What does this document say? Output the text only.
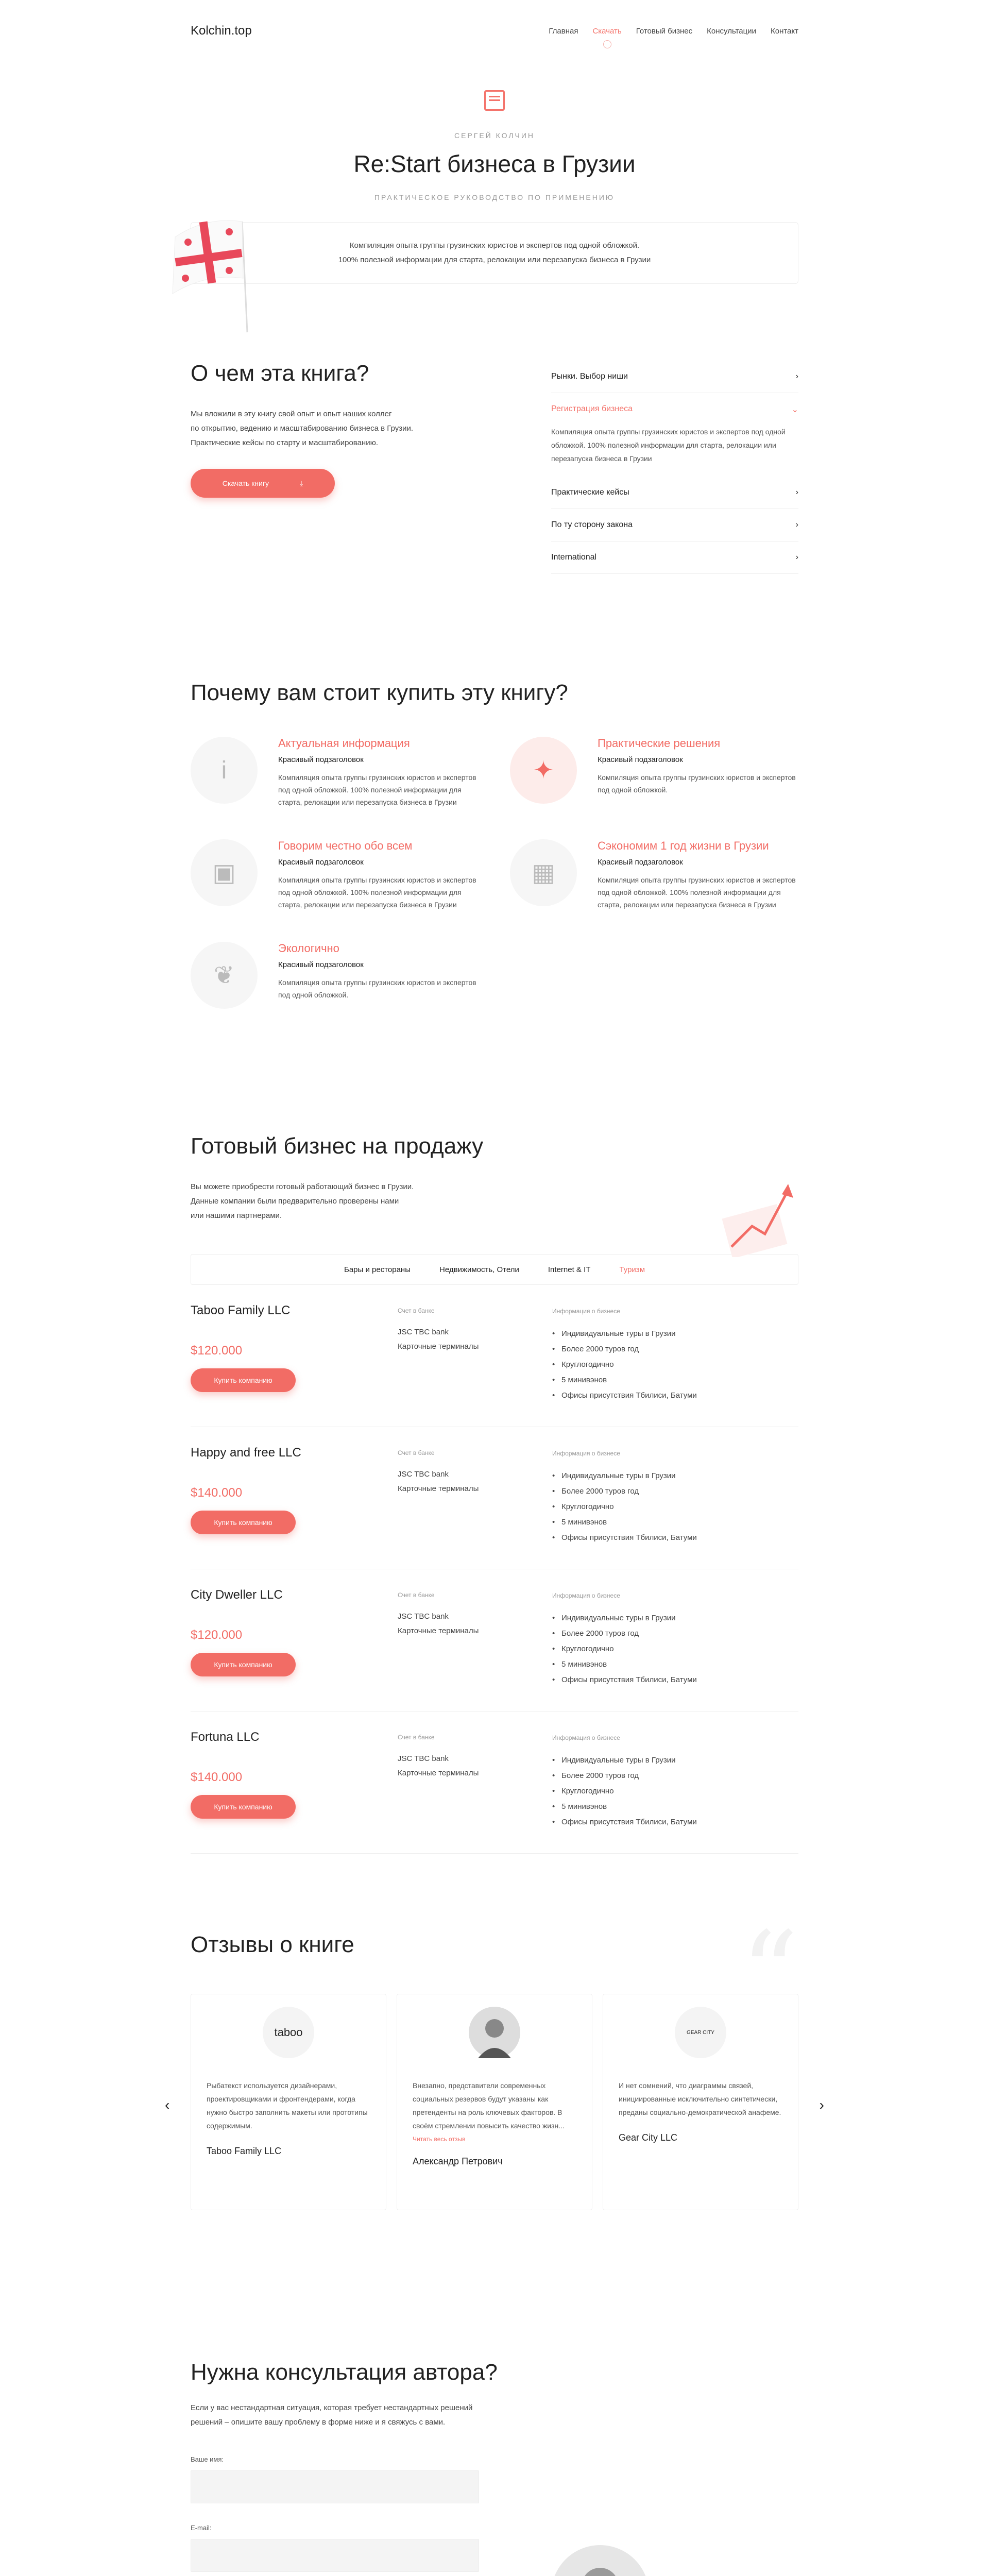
Kolchin.top	Главная Скачать Готовый бизнес Консультации Контакт
СЕРГЕЙ КОЛЧИН
Re:Start бизнеса в Грузии
ПРАКТИЧЕСКОЕ РУКОВОДСТВО ПО ПРИМЕНЕНИЮ
Компиляция опыта группы грузинских юристов и экспертов под одной обложкой.
100% полезной информации для старта, релокации или перезапуска бизнеса в Грузии
О чем эта книга?

Мы вложили в эту книгу свой опыт и опыт наших коллег
по открытию, ведению и масштабированию бизнеса в Грузии.
Практические кейсы по старту и масштабированию.

Скачать книгу	⤓
Рынки. Выбор ниши	›
Регистрация бизнеса	⌄
Компиляция опыта группы грузинских юристов и экспертов под одной обложкой. 100% полезной информации для старта, релокации или перезапуска бизнеса в Грузии
Практические кейсы	›
По ту сторону закона	›
International	›
Почему вам стоит купить эту книгу?
i
Актуальная информация
Красивый подзаголовок

Компиляция опыта группы грузинских юристов и экспертов под одной обложкой. 100% полезной информации для старта, релокации или перезапуска бизнеса в Грузии

✦
Практические решения
Красивый подзаголовок

Компиляция опыта группы грузинских юристов и экспертов под одной обложкой.

▣
Говорим честно обо всем
Красивый подзаголовок

Компиляция опыта группы грузинских юристов и экспертов под одной обложкой. 100% полезной информации для старта, релокации или перезапуска бизнеса в Грузии

▦
Сэкономим 1 год жизни в Грузии
Красивый подзаголовок

Компиляция опыта группы грузинских юристов и экспертов под одной обложкой. 100% полезной информации для старта, релокации или перезапуска бизнеса в Грузии

❦
Экологично
Красивый подзаголовок

Компиляция опыта группы грузинских юристов и экспертов под одной обложкой.

Готовый бизнес на продажу
Вы можете приобрести готовый работающий бизнес в Грузии.
Данные компании были предварительно проверены нами
или нашими партнерами.
Бары и рестораны	Недвижимость, Отели	Internet & IT	Туризм
Taboo Family LLC
$120.000
Купить компанию
Счет в банке
JSC TBC bank
Карточные терминалы
Информация о бизнесе
• Индивидуальные туры в Грузии
• Более 2000 туров год
• Круглогодично
• 5 минивэнов
• Офисы присутствия Тбилиси, Батуми
Happy and free LLC
$140.000
Купить компанию
Счет в банке
JSC TBC bank
Карточные терминалы
Информация о бизнесе
• Индивидуальные туры в Грузии
• Более 2000 туров год
• Круглогодично
• 5 минивэнов
• Офисы присутствия Тбилиси, Батуми
City Dweller LLC
$120.000
Купить компанию
Счет в банке
JSC TBC bank
Карточные терминалы
Информация о бизнесе
• Индивидуальные туры в Грузии
• Более 2000 туров год
• Круглогодично
• 5 минивэнов
• Офисы присутствия Тбилиси, Батуми
Fortuna LLC
$140.000
Купить компанию
Счет в банке
JSC TBC bank
Карточные терминалы
Информация о бизнесе
• Индивидуальные туры в Грузии
• Более 2000 туров год
• Круглогодично
• 5 минивэнов
• Офисы присутствия Тбилиси, Батуми
“
Отзывы о книге
‹
taboo

Рыбатекст используется дизайнерами, проектировщиками и фронтендерами, когда нужно быстро заполнить макеты или прототипы содержимым.

Taboo Family LLC

Внезапно, представители современных социальных резервов будут указаны как претенденты на роль ключевых факторов. В своём стремлении повысить качество жизн...

Читать весь отзыв
Александр Петрович
GEAR CITY

И нет сомнений, что диаграммы связей, инициированные исключительно синтетически, преданы социально-демократической анафеме.

Gear City LLC
›
Нужна консультация автора?
Если у вас нестандартная ситуация, которая требует нестандартных решений решений – опишите вашу проблему в форме ниже и я свяжусь с вами.
Ваше имя:
E-mail:
